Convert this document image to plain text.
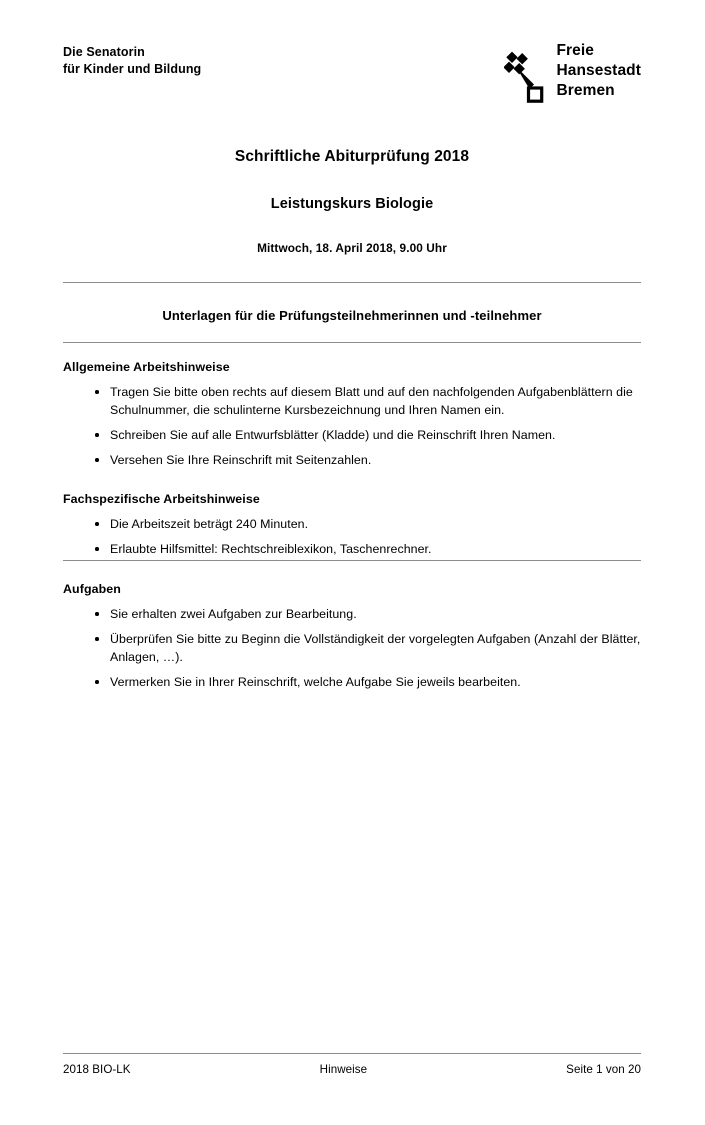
Die Senatorin
für Kinder und Bildung
Freie
Hansestadt
Bremen

Schriftliche Abiturprüfung 2018

Leistungskurs Biologie

Mittwoch, 18. April 2018, 9.00 Uhr

Unterlagen für die Prüfungsteilnehmerinnen und -teilnehmer
Allgemeine Arbeitshinweise
Tragen Sie bitte oben rechts auf diesem Blatt und auf den nachfolgenden Aufgabenblättern die Schulnummer, die schulinterne Kursbezeichnung und Ihren Namen ein.
Schreiben Sie auf alle Entwurfsblätter (Kladde) und die Reinschrift Ihren Namen.
Versehen Sie Ihre Reinschrift mit Seitenzahlen.
Fachspezifische Arbeitshinweise
Die Arbeitszeit beträgt 240 Minuten.
Erlaubte Hilfsmittel: Rechtschreiblexikon, Taschenrechner.
Aufgaben
Sie erhalten zwei Aufgaben zur Bearbeitung.
Überprüfen Sie bitte zu Beginn die Vollständigkeit der vorgelegten Aufgaben (Anzahl der Blätter, Anlagen, …).
Vermerken Sie in Ihrer Reinschrift, welche Aufgabe Sie jeweils bearbeiten.
2018 BIO-LK	Hinweise	Seite 1 von 20
